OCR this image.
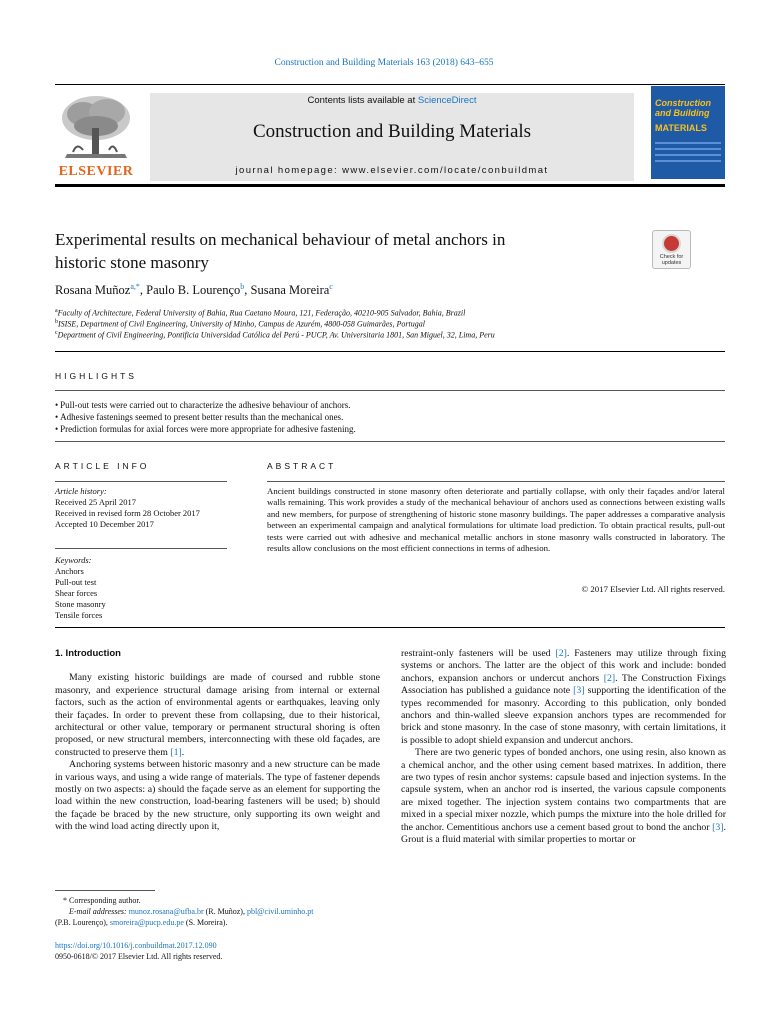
Construction and Building Materials 163 (2018) 643–655
ELSEVIER
Contents lists available at ScienceDirect
Construction and Building Materials
journal homepage: www.elsevier.com/locate/conbuildmat
Construction and Building
MATERIALS
Experimental results on mechanical behaviour of metal anchors in
historic stone masonry	Check for updates
Rosana Muñoz$^{a,*}$, Paulo B. Lourenço$^b$, Susana Moreira$^c$
$^a$Faculty of Architecture, Federal University of Bahia, Rua Caetano Moura, 121, Federação, 40210-905 Salvador, Bahia, Brazil
$^b$ISISE, Department of Civil Engineering, University of Minho, Campus de Azurém, 4800-058 Guimarães, Portugal
$^c$Department of Civil Engineering, Pontificia Universidad Católica del Perú - PUCP, Av. Universitaria 1801, San Miguel, 32, Lima, Peru
HIGHLIGHTS
• Pull-out tests were carried out to characterize the adhesive behaviour of anchors.
• Adhesive fastenings seemed to present better results than the mechanical ones.
• Prediction formulas for axial forces were more appropriate for adhesive fastening.
ARTICLE INFO
Article history:
Received 25 April 2017
Received in revised form 28 October 2017
Accepted 10 December 2017
Keywords:
Anchors
Pull-out test
Shear forces
Stone masonry
Tensile forces
ABSTRACT
Ancient buildings constructed in stone masonry often deteriorate and partially collapse, with only their façades and/or lateral walls remaining. This work provides a study of the mechanical behaviour of anchors used as connections between existing walls and new members, for purpose of strengthening of historic stone masonry buildings. The paper addresses a comparative analysis between an experimental campaign and analytical formulations for ultimate load prediction. To obtain practical results, pull-out tests were carried out with adhesive and mechanical metallic anchors in stone masonry walls constructed in laboratory. The results allow conclusions on the most efficient connections in terms of adhesion.
© 2017 Elsevier Ltd. All rights reserved.
1. Introduction

Many existing historic buildings are made of coursed and rubble stone masonry, and experience structural damage arising from internal or external factors, such as the action of environmental agents or earthquakes, leaving only their façades. In order to prevent these from collapsing, due to their historical, architectural or other value, temporary or permanent structural shoring is often proposed, or new structural members, interconnecting with these old façades, are constructed to preserve them [1].

Anchoring systems between historic masonry and a new structure can be made in various ways, and using a wide range of materials. The type of fastener depends mostly on two aspects: a) should the façade serve as an element for supporting the load within the new construction, load-bearing fasteners will be used; b) should the façade be braced by the new structure, only supporting its own weight and with the wind load acting directly upon it,

restraint-only fasteners will be used [2]. Fasteners may utilize through fixing systems or anchors. The latter are the object of this work and include: bonded anchors, expansion anchors or undercut anchors [2]. The Construction Fixings Association has published a guidance note [3] supporting the identification of the types recommended for masonry. According to this publication, only bonded anchors and thin-walled sleeve expansion anchors types are recommended for brick and stone masonry. In the case of stone masonry, with certain limitations, it is possible to adopt shield expansion and undercut anchors.

There are two generic types of bonded anchors, one using resin, also known as a chemical anchor, and the other using cement based matrixes. In addition, there are two types of resin anchor systems: capsule based and injection systems. In the capsule system, when an anchor rod is inserted, the various capsule components are mixed together. The injection system contains two compartments that are mixed in a special mixer nozzle, which pumps the mixture into the hole drilled for the anchor. Cementitious anchors use a cement based grout to bond the anchor [3]. Grout is a fluid material with similar properties to mortar or

* Corresponding author.
E-mail addresses: munoz.rosana@ufba.br (R. Muñoz), pbl@civil.uminho.pt
(P.B. Lourenço), smoreira@pucp.edu.pe (S. Moreira).
https://doi.org/10.1016/j.conbuildmat.2017.12.090
0950-0618/© 2017 Elsevier Ltd. All rights reserved.
